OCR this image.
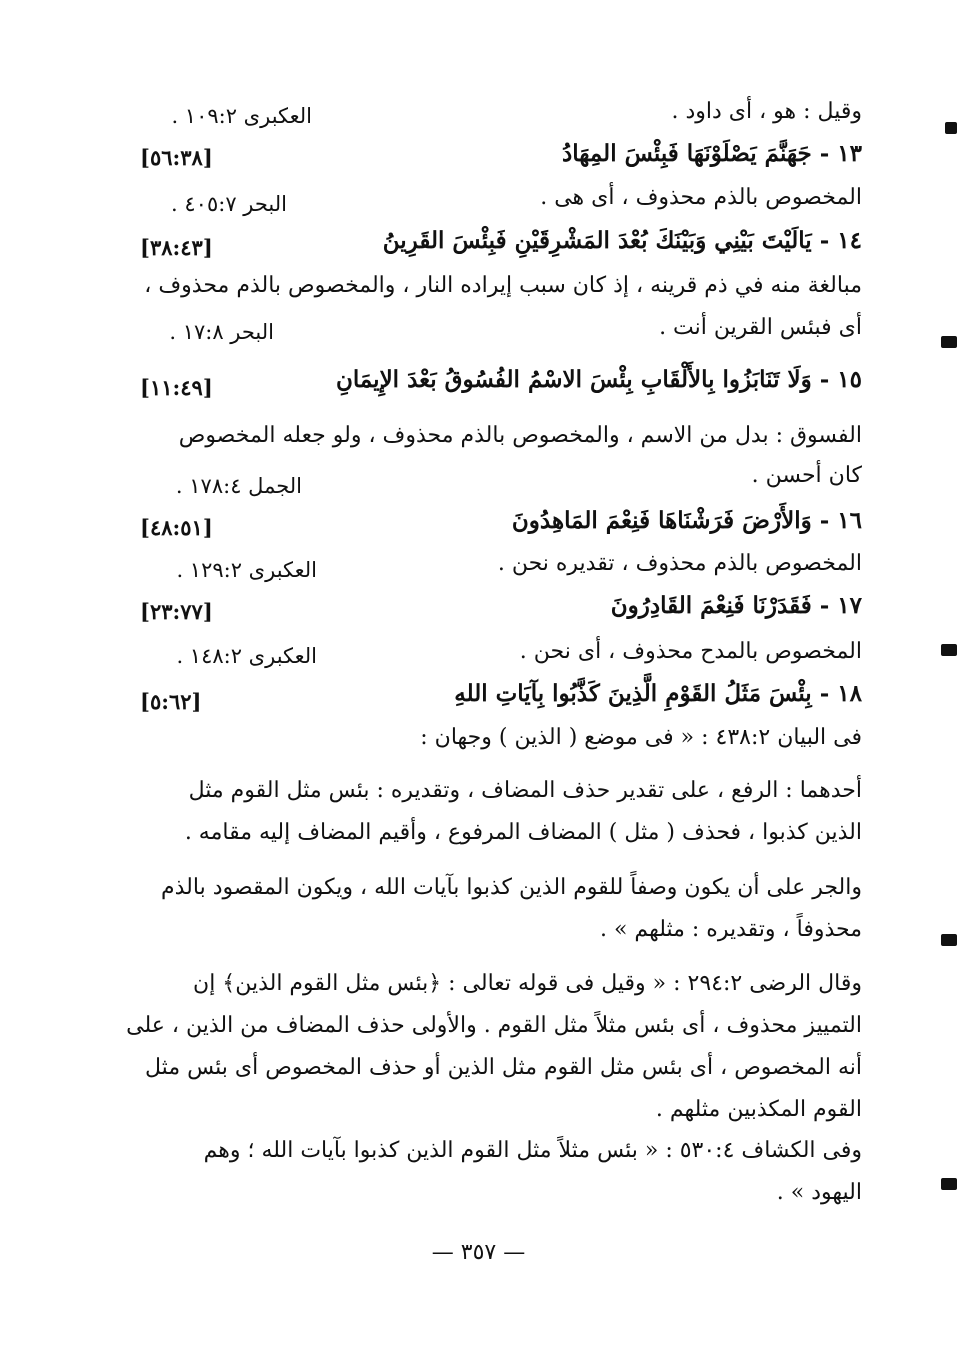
وقيل : هو ، أى داود .
العكبرى ١٠٩:٢ .
١٣ - جَهَنَّمَ يَصْلَوْنَهَا فَبِئْسَ المِهَادُ
[٥٦:٣٨]
المخصوص بالذم محذوف ، أى هى .
البحر ٤٠٥:٧ .
١٤ - يَالَيْتَ بَيْنِي وَبَيْنَكَ بُعْدَ المَشْرِقَيْنِ فَبِئْسَ القَرِينُ
[٣٨:٤٣]
مبالغة منه في ذم قرينه ، إذ كان سبب إيراده النار ، والمخصوص بالذم محذوف ،
أى فبئس القرين أنت .
البحر ١٧:٨ .
١٥ - وَلَا تَنَابَزُوا بِالأَلْقَابِ بِئْسَ الاسْمُ الفُسُوقُ بَعْدَ الإِيمَانِ
[١١:٤٩]
الفسوق : بدل من الاسم ، والمخصوص بالذم محذوف ، ولو جعله المخصوص
كان أحسن .
الجمل ١٧٨:٤ .
١٦ - وَالأَرْضَ فَرَشْنَاهَا فَنِعْمَ المَاهِدُونَ
[٤٨:٥١]
المخصوص بالذم محذوف ، تقديره نحن .
العكبرى ١٢٩:٢ .
١٧ - فَقَدَرْنَا فَنِعْمَ القَادِرُونَ
[٢٣:٧٧]
المخصوص بالمدح محذوف ، أى نحن .
العكبرى ١٤٨:٢ .
١٨ - بِئْسَ مَثَلُ القَوْمِ الَّذِينَ كَذَّبُوا بِآيَاتِ اللهِ
[٥:٦٢]
فى البيان ٤٣٨:٢ : « فى موضع ( الذين ) وجهان :
أحدهما : الرفع ، على تقدير حذف المضاف ، وتقديره : بئس مثل القوم مثل
الذين كذبوا ، فحذف ( مثل ) المضاف المرفوع ، وأقيم المضاف إليه مقامه .
والجر على أن يكون وصفاً للقوم الذين كذبوا بآيات الله ، ويكون المقصود بالذم
محذوفاً ، وتقديره : مثلهم » .
وقال الرضى ٢٩٤:٢ : « وقيل فى قوله تعالى : ﴿بئس مثل القوم الذين﴾ إن
التمييز محذوف ، أى بئس مثلاً مثل القوم . والأولى حذف المضاف من الذين ، على
أنه المخصوص ، أى بئس مثل القوم مثل الذين أو حذف المخصوص أى بئس مثل
القوم المكذبين مثلهم .
وفى الكشاف ٥٣٠:٤ : « بئس مثلاً مثل القوم الذين كذبوا بآيات الله ؛ وهم
اليهود » .
— ٣٥٧ —
